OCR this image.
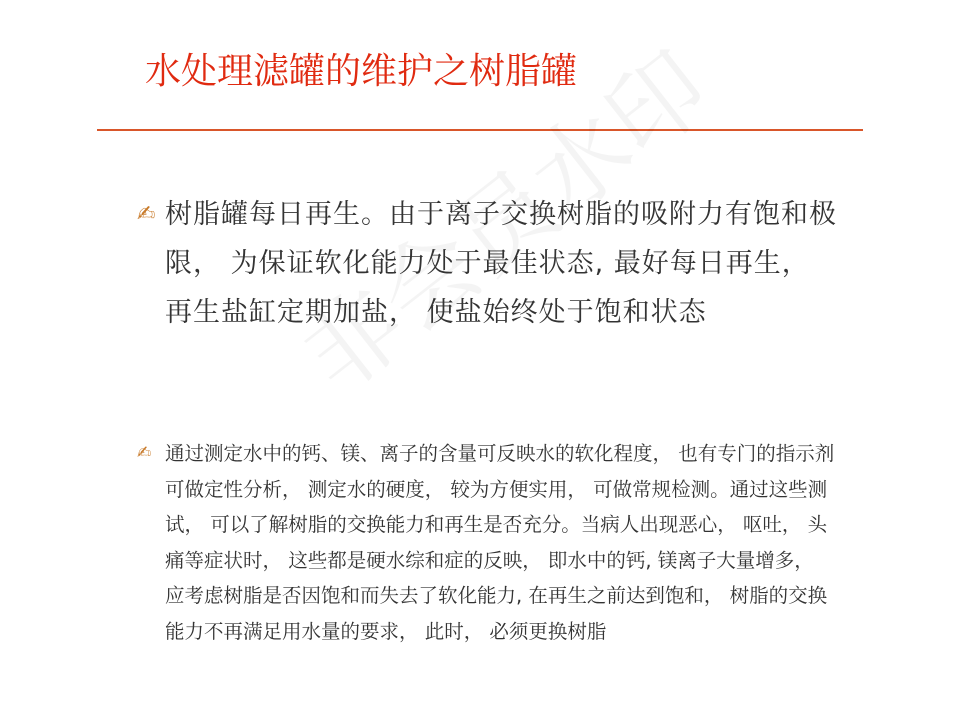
水处理滤罐的维护之树脂罐
✍ 树脂罐每日再生。由于离子交换树脂的吸附力有饱和极限， 为保证软化能力处于最佳状态, 最好每日再生， 再生盐缸定期加盐， 使盐始终处于饱和状态

✍ 通过测定水中的钙、镁、离子的含量可反映水的软化程度， 也有专门的指示剂可做定性分析， 测定水的硬度， 较为方便实用， 可做常规检测。通过这些测试， 可以了解树脂的交换能力和再生是否充分。当病人出现恶心， 呕吐， 头痛等症状时， 这些都是硬水综和症的反映， 即水中的钙, 镁离子大量增多， 应考虑树脂是否因饱和而失去了软化能力, 在再生之前达到饱和， 树脂的交换能力不再满足用水量的要求， 此时， 必须更换树脂
